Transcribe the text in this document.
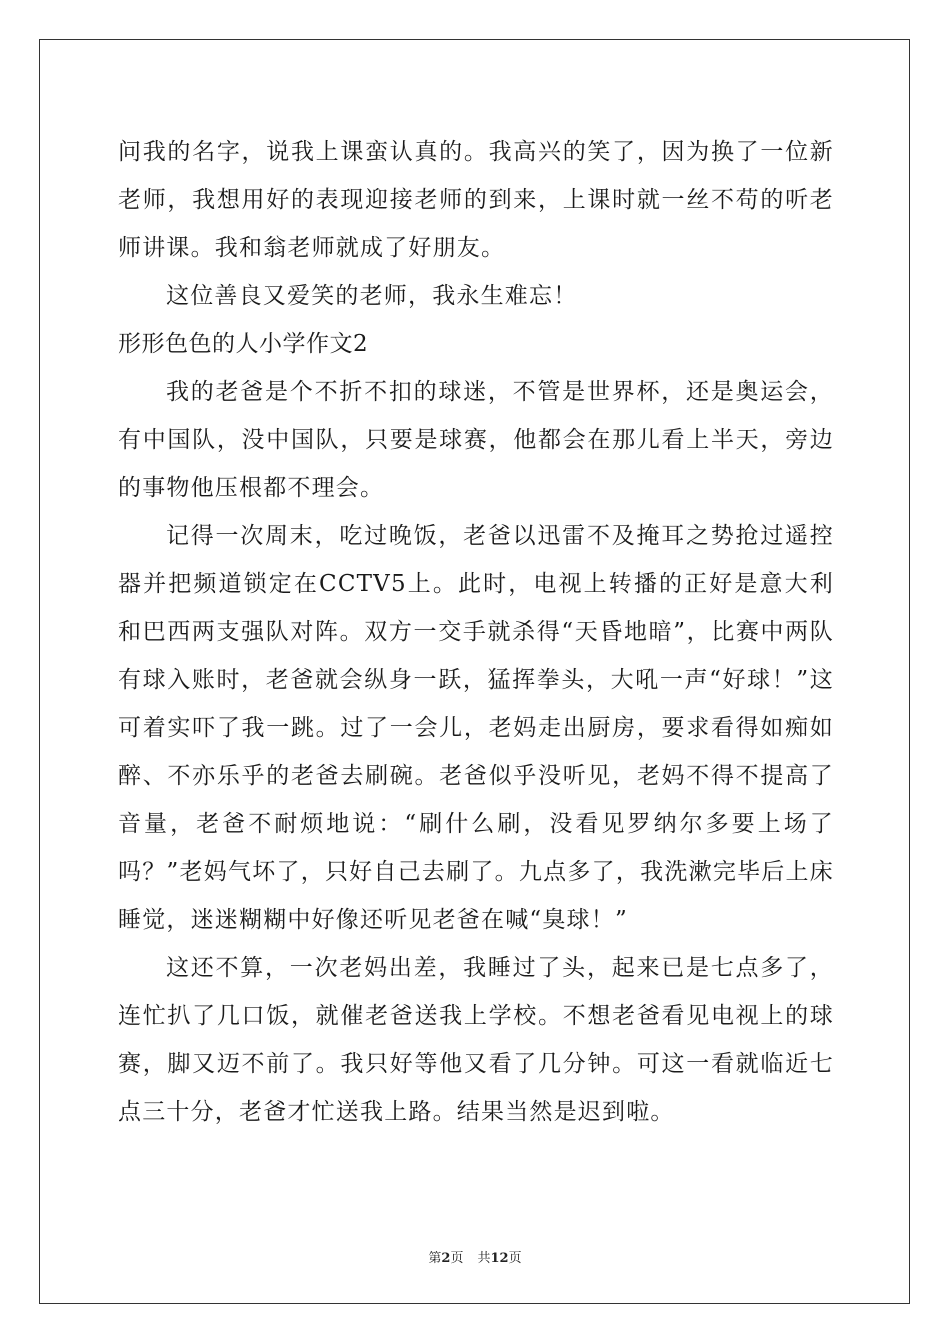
问我的名字，说我上课蛮认真的。我高兴的笑了，因为换了一位新老师，我想用好的表现迎接老师的到来，上课时就一丝不苟的听老师讲课。我和翁老师就成了好朋友。

这位善良又爱笑的老师，我永生难忘！

形形色色的人小学作文2

我的老爸是个不折不扣的球迷，不管是世界杯，还是奥运会，有中国队，没中国队，只要是球赛，他都会在那儿看上半天，旁边的事物他压根都不理会。

记得一次周末，吃过晚饭，老爸以迅雷不及掩耳之势抢过遥控器并把频道锁定在CCTV5上。此时，电视上转播的正好是意大利和巴西两支强队对阵。双方一交手就杀得“天昏地暗”，比赛中两队有球入账时，老爸就会纵身一跃，猛挥拳头，大吼一声“好球！”这可着实吓了我一跳。过了一会儿，老妈走出厨房，要求看得如痴如醉、不亦乐乎的老爸去刷碗。老爸似乎没听见，老妈不得不提高了音量，老爸不耐烦地说：“刷什么刷，没看见罗纳尔多要上场了吗？”老妈气坏了，只好自己去刷了。九点多了，我洗漱完毕后上床睡觉，迷迷糊糊中好像还听见老爸在喊“臭球！”

这还不算，一次老妈出差，我睡过了头，起来已是七点多了，连忙扒了几口饭，就催老爸送我上学校。不想老爸看见电视上的球赛，脚又迈不前了。我只好等他又看了几分钟。可这一看就临近七点三十分，老爸才忙送我上路。结果当然是迟到啦。

第2页 共12页
